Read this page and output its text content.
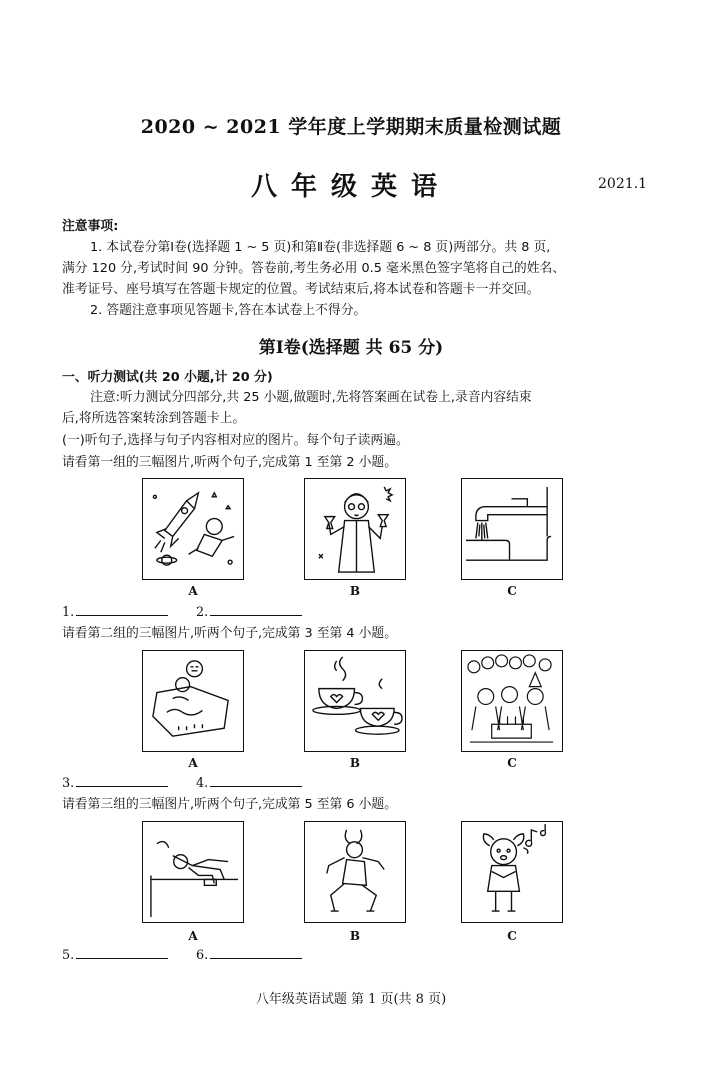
2020 ~ 2021 学年度上学期期末质量检测试题
八年级英语	2021.1
注意事项:
1. 本试卷分第Ⅰ卷(选择题 1 ~ 5 页)和第Ⅱ卷(非选择题 6 ~ 8 页)两部分。共 8 页,
满分 120 分,考试时间 90 分钟。答卷前,考生务必用 0.5 毫米黑色签字笔将自己的姓名、
准考证号、座号填写在答题卡规定的位置。考试结束后,将本试卷和答题卡一并交回。
2. 答题注意事项见答题卡,答在本试卷上不得分。
第Ⅰ卷(选择题 共 65 分)
一、听力测试(共 20 小题,计 20 分)
注意:听力测试分四部分,共 25 小题,做题时,先将答案画在试卷上,录音内容结束
后,将所选答案转涂到答题卡上。
(一)听句子,选择与句子内容相对应的图片。每个句子读两遍。
请看第一组的三幅图片,听两个句子,完成第 1 至第 2 小题。
A	B	C
1.	2.
请看第二组的三幅图片,听两个句子,完成第 3 至第 4 小题。
A	B	C
3.	4.
请看第三组的三幅图片,听两个句子,完成第 5 至第 6 小题。
A	B	C
5.	6.
八年级英语试题 第 1 页(共 8 页)
